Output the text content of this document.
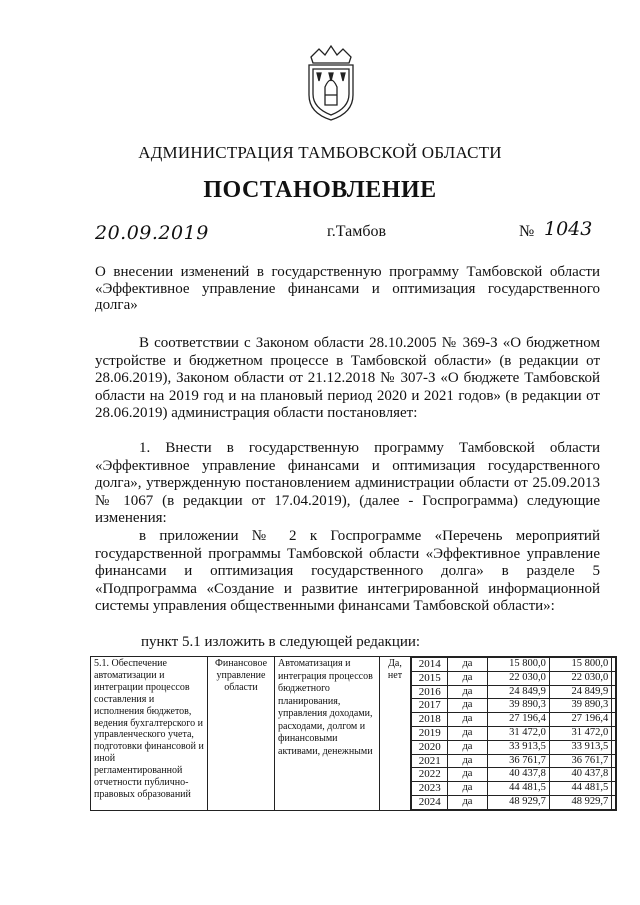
АДМИНИСТРАЦИЯ ТАМБОВСКОЙ ОБЛАСТИ
ПОСТАНОВЛЕНИЕ
20.09.2019	г.Тамбов	№ 1043
О внесении изменений в государственную программу Тамбовской области «Эффективное управление финансами и оптимизация государственного долга»
В соответствии с Законом области 28.10.2005 № 369-З «О бюджетном устройстве и бюджетном процессе в Тамбовской области» (в редакции от 28.06.2019), Законом области от 21.12.2018 № 307-З «О бюджете Тамбовской области на 2019 год и на плановый период 2020 и 2021 годов» (в редакции от 28.06.2019) администрация области постановляет:
1. Внести в государственную программу Тамбовской области «Эффективное управление финансами и оптимизация государственного долга», утвержденную постановлением администрации области от 25.09.2013 № 1067 (в редакции от 17.04.2019), (далее - Госпрограмма) следующие изменения:
в приложении № 2 к Госпрограмме «Перечень мероприятий государственной программы Тамбовской области «Эффективное управление финансами и оптимизация государственного долга» в разделе 5 «Подпрограмма «Создание и развитие интегрированной информационной системы управления общественными финансами Тамбовской области»:
пункт 5.1 изложить в следующей редакции:
5.1. Обеспечение автоматизации и интеграции процессов составления и исполнения бюджетов, ведения бухгалтерского и управленческого учета, подготовки финансовой и иной регламентированной отчетности публично-правовых образований	Финансовое управление области	Автоматизация и интеграция процессов бюджетного планирования, управления доходами, расходами, долгом и финансовыми активами, денежными	Да, нет	
2014	да	15 800,0	15 800,0	
2015	да	22 030,0	22 030,0	
2016	да	24 849,9	24 849,9	
2017	да	39 890,3	39 890,3	
2018	да	27 196,4	27 196,4	
2019	да	31 472,0	31 472,0	
2020	да	33 913,5	33 913,5	
2021	да	36 761,7	36 761,7	
2022	да	40 437,8	40 437,8	
2023	да	44 481,5	44 481,5	
2024	да	48 929,7	48 929,7	
